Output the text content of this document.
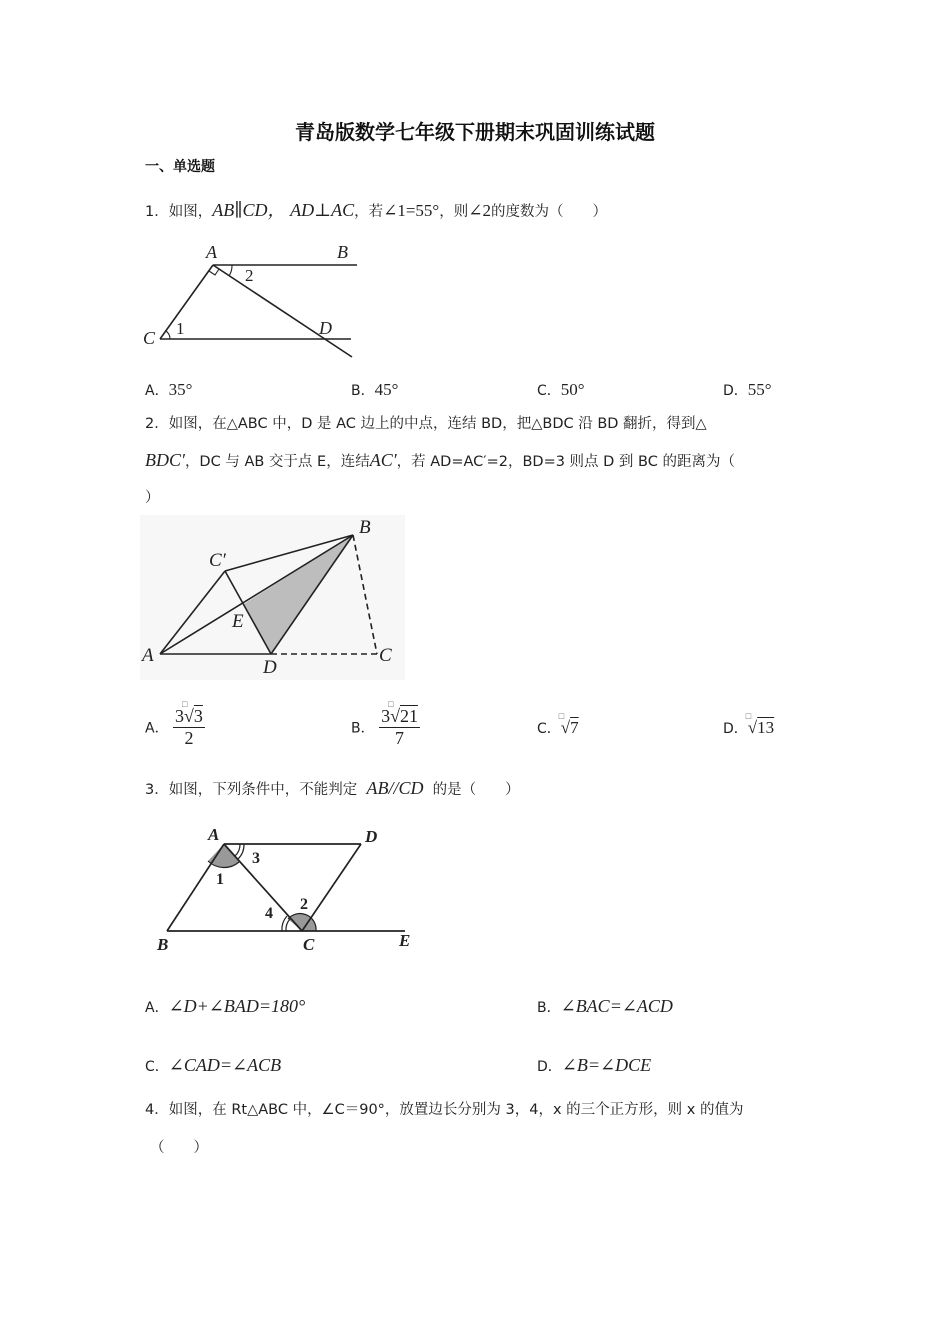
青岛版数学七年级下册期末巩固训练试题
一、单选题
1．如图，AB∥CD， AD⊥AC，若∠1=55°，则∠2的度数为（　　）
A	B
C	D
1
2
A．35°	B．45°	C．50°	D．55°
2．如图，在△ABC 中，D 是 AC 边上的中点，连结 BD，把△BDC 沿 BD 翻折，得到△
BDC′，DC 与 AB 交于点 E，连结AC′，若 AD=AC′=2，BD=3 则点 D 到 BC 的距离为（
）
A
B
C
C′
D
E
A． 3
□
√3
2	B． 3
□
√21
7	C．
□
√7	D．
□
√13
3．如图，下列条件中，不能判定 AB//CD 的是（　　）
A
B	C
D
E
1
2
3
4
A．∠D+∠BAD=180°	B．∠BAC=∠ACD
C．∠CAD=∠ACB	D．∠B=∠DCE
4．如图，在 Rt△ABC 中，∠C＝90°，放置边长分别为 3，4，x 的三个正方形，则 x 的值为
（　　）
